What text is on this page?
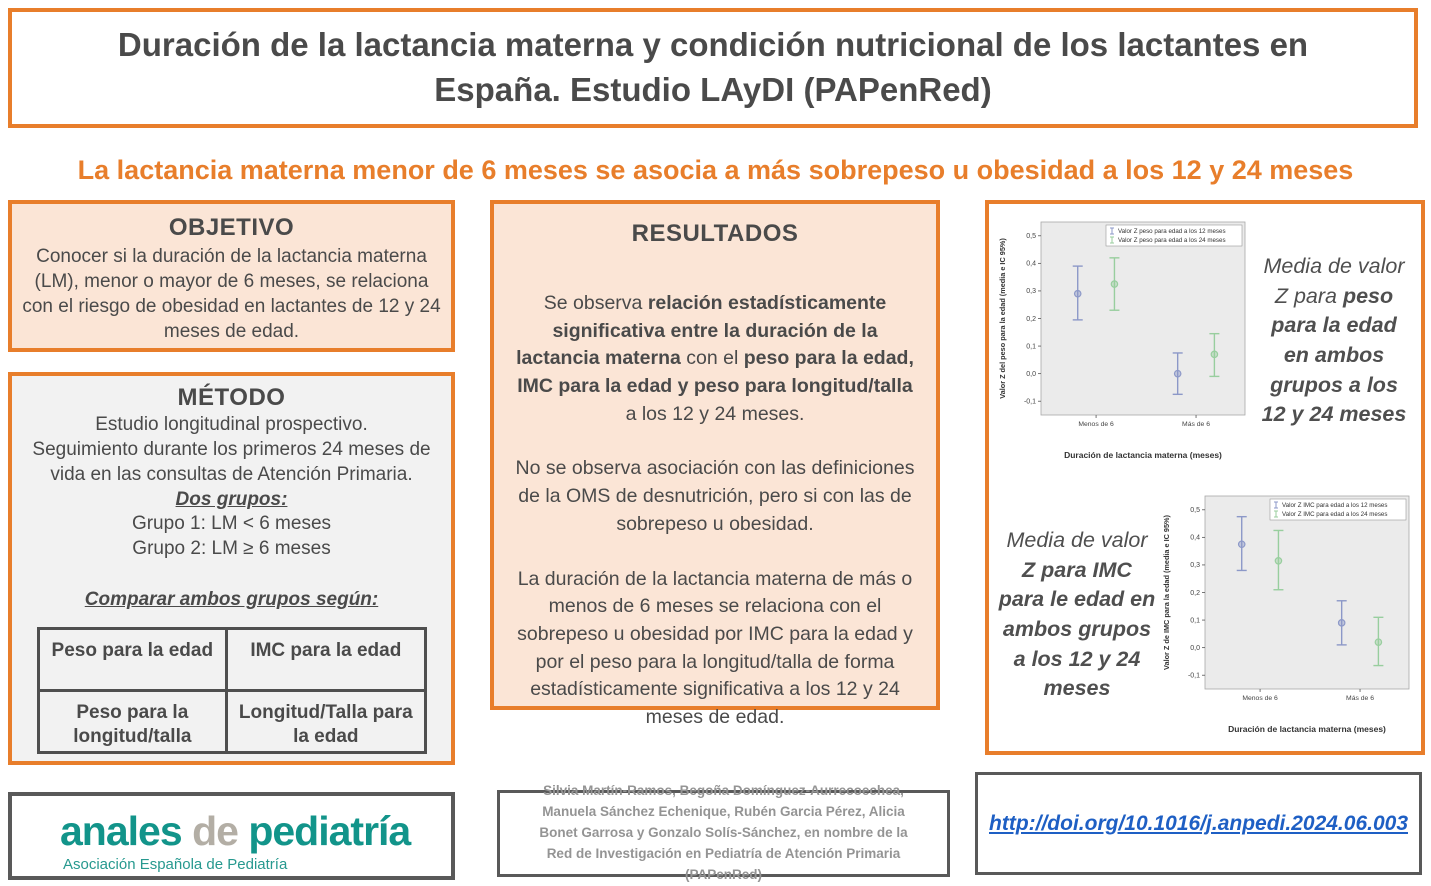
Duración de la lactancia materna y condición nutricional de los lactantes en España. Estudio LAyDI (PAPenRed)
La lactancia materna menor de 6 meses se asocia a más sobrepeso u obesidad a los 12 y 24 meses
OBJETIVO

Conocer si la duración de la lactancia materna (LM), menor o mayor de 6 meses, se relaciona con el riesgo de obesidad en lactantes de 12 y 24 meses de edad.

MÉTODO

Estudio longitudinal prospectivo.

Seguimiento durante los primeros 24 meses de vida en las consultas de Atención Primaria.

Dos grupos:

Grupo 1: LM < 6 meses

Grupo 2: LM ≥ 6 meses

Comparar ambos grupos según:
Peso para la edad	IMC para la edad
Peso para la longitud/talla	Longitud/Talla para la edad
RESULTADOS

Se observa relación estadísticamente significativa entre la duración de la lactancia materna con el peso para la edad, IMC para la edad y peso para longitud/talla a los 12 y 24 meses.

No se observa asociación con las definiciones de la OMS de desnutrición, pero si con las de sobrepeso u obesidad.

La duración de la lactancia materna de más o menos de 6 meses se relaciona con el sobrepeso u obesidad por IMC para la edad y por el peso para la longitud/talla de forma estadísticamente significativa a los 12 y 24 meses de edad.

0,5
0,4
0,3
0,2
0,1
0,0
-0,1
Menos de 6	Más de 6
Valor Z peso para edad a los 12 meses
Valor Z peso para edad a los 24 meses
Duración de lactancia materna (meses)
Valor Z del peso para la edad (media e IC 95%)	Media de valor Z para peso para la edad en ambos grupos a los 12 y 24 meses
Media de valor Z para IMC para le edad en ambos grupos a los 12 y 24 meses
0,5
0,4
0,3
0,2
0,1
0,0
-0,1
Menos de 6	Más de 6
Valor Z IMC para edad a los 12 meses
Valor Z IMC para edad a los 24 meses
Duración de lactancia materna (meses)
Valor Z de IMC para la edad (media e IC 95%)
anales de pediatría
Asociación Española de Pediatría
Silvia Martín-Ramos, Begoña Domínguez-Aurrecoechea, Manuela Sánchez Echenique, Rubén Garcia Pérez, Alicia Bonet Garrosa y Gonzalo Solís-Sánchez, en nombre de la Red de Investigación en Pediatría de Atención Primaria (PAPenRed)
http://doi.org/10.1016/j.anpedi.2024.06.003
